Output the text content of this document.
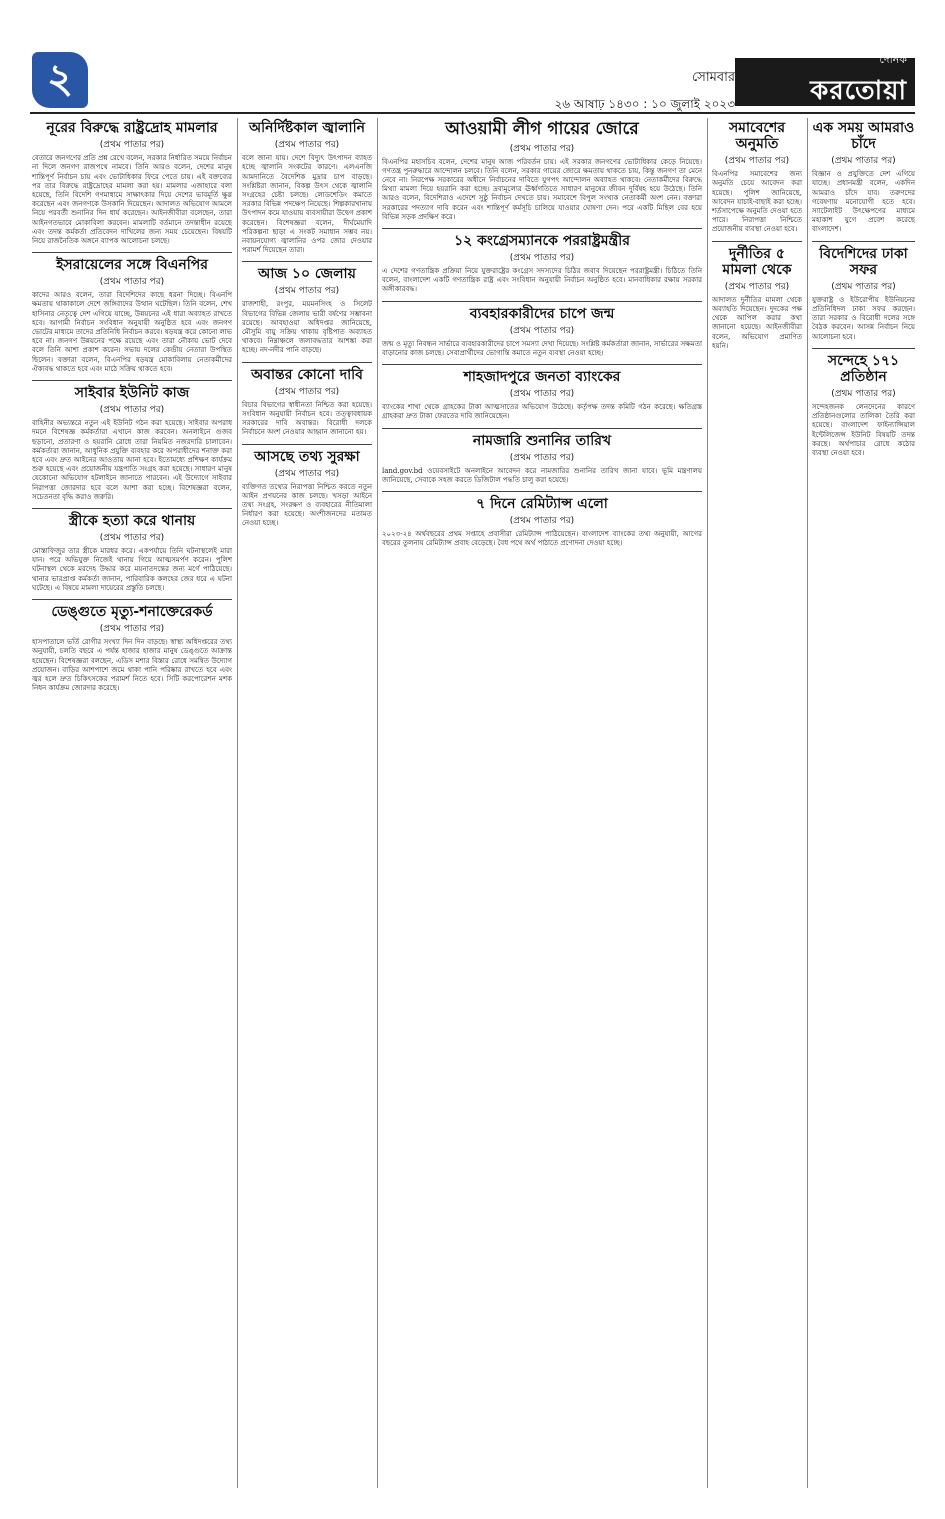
২	সোমবার
২৬ আষাঢ় ১৪৩০ : ১০ জুলাই ২০২৩
দৈনিক
করতোয়া
নূরের বিরুদ্ধে রাষ্ট্রদ্রোহ মামলার
(প্রথম পাতার পর)
বেতারে জনগণের প্রতি প্রশ্ন রেখে বলেন, সরকার নির্ধারিত সময়ে নির্বাচন না দিলে জনগণ রাজপথে নামবে। তিনি আরও বলেন, দেশের মানুষ শান্তিপূর্ণ নির্বাচন চায় এবং ভোটাধিকার ফিরে পেতে চায়। এই বক্তব্যের পর তার বিরুদ্ধে রাষ্ট্রদ্রোহের মামলা করা হয়। মামলার এজাহারে বলা হয়েছে, তিনি বিদেশি গণমাধ্যমে সাক্ষাৎকার দিয়ে দেশের ভাবমূর্তি ক্ষুণ্ণ করেছেন এবং জনগণকে উসকানি দিয়েছেন। আদালত অভিযোগ আমলে নিয়ে পরবর্তী শুনানির দিন ধার্য করেছেন। আইনজীবীরা বলেছেন, তারা আইনগতভাবে মোকাবিলা করবেন। মামলাটি বর্তমানে তদন্তাধীন রয়েছে এবং তদন্ত কর্মকর্তা প্রতিবেদন দাখিলের জন্য সময় চেয়েছেন। বিষয়টি নিয়ে রাজনৈতিক অঙ্গনে ব্যাপক আলোচনা চলছে।
ইসরায়েলের সঙ্গে বিএনপির
(প্রথম পাতার পর)
কাদের আরও বলেন, তারা বিদেশিদের কাছে ধরনা দিচ্ছে। বিএনপি ক্ষমতায় থাকাকালে দেশে জঙ্গিবাদের উত্থান ঘটেছিল। তিনি বলেন, শেখ হাসিনার নেতৃত্বে দেশ এগিয়ে যাচ্ছে, উন্নয়নের এই ধারা অব্যাহত রাখতে হবে। আগামী নির্বাচন সংবিধান অনুযায়ী অনুষ্ঠিত হবে এবং জনগণ ভোটের মাধ্যমে তাদের প্রতিনিধি নির্বাচন করবে। ষড়যন্ত্র করে কোনো লাভ হবে না। জনগণ উন্নয়নের পক্ষে রয়েছে এবং তারা নৌকায় ভোট দেবে বলে তিনি আশা প্রকাশ করেন। সভায় দলের কেন্দ্রীয় নেতারা উপস্থিত ছিলেন। বক্তারা বলেন, বিএনপির ষড়যন্ত্র মোকাবিলায় নেতাকর্মীদের ঐক্যবদ্ধ থাকতে হবে এবং মাঠে সক্রিয় থাকতে হবে।
সাইবার ইউনিট কাজ
(প্রথম পাতার পর)
বাহিনীর অভ্যন্তরে নতুন এই ইউনিট গঠন করা হয়েছে। সাইবার অপরাধ দমনে বিশেষজ্ঞ কর্মকর্তারা এখানে কাজ করবেন। অনলাইনে গুজব ছড়ানো, প্রতারণা ও হয়রানি রোধে তারা নিয়মিত নজরদারি চালাবেন। কর্মকর্তারা জানান, আধুনিক প্রযুক্তি ব্যবহার করে অপরাধীদের শনাক্ত করা হবে এবং দ্রুত আইনের আওতায় আনা হবে। ইতোমধ্যে প্রশিক্ষণ কার্যক্রম শুরু হয়েছে এবং প্রয়োজনীয় যন্ত্রপাতি সংগ্রহ করা হয়েছে। সাধারণ মানুষ যেকোনো অভিযোগ হটলাইনে জানাতে পারবেন। এই উদ্যোগে সাইবার নিরাপত্তা জোরদার হবে বলে আশা করা হচ্ছে। বিশেষজ্ঞরা বলেন, সচেতনতা বৃদ্ধি করাও জরুরি।
স্ত্রীকে হত্যা করে থানায়
(প্রথম পাতার পর)
মোস্তাফিজুর তার স্ত্রীকে মারধর করে। একপর্যায়ে তিনি ঘটনাস্থলেই মারা যান। পরে অভিযুক্ত নিজেই থানায় গিয়ে আত্মসমর্পণ করেন। পুলিশ ঘটনাস্থল থেকে মরদেহ উদ্ধার করে ময়নাতদন্তের জন্য মর্গে পাঠিয়েছে। থানার ভারপ্রাপ্ত কর্মকর্তা জানান, পারিবারিক কলহের জের ধরে এ ঘটনা ঘটেছে। এ বিষয়ে মামলা দায়েরের প্রস্তুতি চলছে।
ডেঙ্গুতে মৃত্যু-শনাক্তেরেকর্ড
(প্রথম পাতার পর)
হাসপাতালে ভর্তি রোগীর সংখ্যা দিন দিন বাড়ছে। স্বাস্থ্য অধিদপ্তরের তথ্য অনুযায়ী, চলতি বছরে এ পর্যন্ত হাজার হাজার মানুষ ডেঙ্গুতে আক্রান্ত হয়েছেন। বিশেষজ্ঞরা বলছেন, এডিস মশার বিস্তার রোধে সমন্বিত উদ্যোগ প্রয়োজন। বাড়ির আশপাশে জমে থাকা পানি পরিষ্কার রাখতে হবে এবং জ্বর হলে দ্রুত চিকিৎসকের পরামর্শ নিতে হবে। সিটি করপোরেশন মশক নিধন কার্যক্রম জোরদার করেছে।
অনির্দিষ্টকাল জ্বালানি
(প্রথম পাতার পর)
বলে জানা যায়। দেশে বিদ্যুৎ উৎপাদন ব্যাহত হচ্ছে জ্বালানি সংকটের কারণে। এলএনজি আমদানিতে বৈদেশিক মুদ্রার চাপ বাড়ছে। সংশ্লিষ্টরা জানান, বিকল্প উৎস থেকে জ্বালানি সংগ্রহের চেষ্টা চলছে। লোডশেডিং কমাতে সরকার বিভিন্ন পদক্ষেপ নিয়েছে। শিল্পকারখানায় উৎপাদন কমে যাওয়ায় ব্যবসায়ীরা উদ্বেগ প্রকাশ করেছেন। বিশেষজ্ঞরা বলেন, দীর্ঘমেয়াদি পরিকল্পনা ছাড়া এ সংকট সমাধান সম্ভব নয়। নবায়নযোগ্য জ্বালানির ওপর জোর দেওয়ার পরামর্শ দিয়েছেন তারা।
আজ ১০ জেলায়
(প্রথম পাতার পর)
রাজশাহী, রংপুর, ময়মনসিংহ ও সিলেট বিভাগের বিভিন্ন জেলায় ভারী বর্ষণের সম্ভাবনা রয়েছে। আবহাওয়া অধিদপ্তর জানিয়েছে, মৌসুমি বায়ু সক্রিয় থাকায় বৃষ্টিপাত অব্যাহত থাকবে। নিম্নাঞ্চলে জলাবদ্ধতার আশঙ্কা করা হচ্ছে। নদ-নদীর পানি বাড়ছে।
অবান্তর কোনো দাবি
(প্রথম পাতার পর)
বিচার বিভাগের স্বাধীনতা নিশ্চিত করা হয়েছে। সংবিধান অনুযায়ী নির্বাচন হবে। তত্ত্বাবধায়ক সরকারের দাবি অবান্তর। বিরোধী দলকে নির্বাচনে অংশ নেওয়ার আহ্বান জানানো হয়।
আসছে তথ্য সুরক্ষা
(প্রথম পাতার পর)
ব্যক্তিগত তথ্যের নিরাপত্তা নিশ্চিত করতে নতুন আইন প্রণয়নের কাজ চলছে। খসড়া আইনে তথ্য সংগ্রহ, সংরক্ষণ ও ব্যবহারের নীতিমালা নির্ধারণ করা হয়েছে। অংশীজনদের মতামত নেওয়া হচ্ছে।
আওয়ামী লীগ গায়ের জোরে
(প্রথম পাতার পর)
বিএনপির মহাসচিব বলেন, দেশের মানুষ আজ পরিবর্তন চায়। এই সরকার জনগণের ভোটাধিকার কেড়ে নিয়েছে। গণতন্ত্র পুনরুদ্ধারে আন্দোলন চলবে। তিনি বলেন, সরকার গায়ের জোরে ক্ষমতায় থাকতে চায়, কিন্তু জনগণ তা মেনে নেবে না। নিরপেক্ষ সরকারের অধীনে নির্বাচনের দাবিতে যুগপৎ আন্দোলন অব্যাহত থাকবে। নেতাকর্মীদের বিরুদ্ধে মিথ্যা মামলা দিয়ে হয়রানি করা হচ্ছে। দ্রব্যমূল্যের ঊর্ধ্বগতিতে সাধারণ মানুষের জীবন দুর্বিষহ হয়ে উঠেছে। তিনি আরও বলেন, বিদেশিরাও এদেশে সুষ্ঠু নির্বাচন দেখতে চায়। সমাবেশে বিপুল সংখ্যক নেতাকর্মী অংশ নেন। বক্তারা সরকারের পদত্যাগ দাবি করেন এবং শান্তিপূর্ণ কর্মসূচি চালিয়ে যাওয়ার ঘোষণা দেন। পরে একটি মিছিল বের হয়ে বিভিন্ন সড়ক প্রদক্ষিণ করে।
১২ কংগ্রেসম্যানকে পররাষ্ট্রমন্ত্রীর
(প্রথম পাতার পর)
এ দেশের গণতান্ত্রিক প্রক্রিয়া নিয়ে যুক্তরাষ্ট্রের কংগ্রেস সদস্যদের চিঠির জবাব দিয়েছেন পররাষ্ট্রমন্ত্রী। চিঠিতে তিনি বলেন, বাংলাদেশ একটি গণতান্ত্রিক রাষ্ট্র এবং সংবিধান অনুযায়ী নির্বাচন অনুষ্ঠিত হবে। মানবাধিকার রক্ষায় সরকার অঙ্গীকারবদ্ধ।
ব্যবহারকারীদের চাপে জন্ম
(প্রথম পাতার পর)
জন্ম ও মৃত্যু নিবন্ধন সার্ভারে ব্যবহারকারীদের চাপে সমস্যা দেখা দিয়েছে। সংশ্লিষ্ট কর্মকর্তারা জানান, সার্ভারের সক্ষমতা বাড়ানোর কাজ চলছে। সেবাপ্রার্থীদের ভোগান্তি কমাতে নতুন ব্যবস্থা নেওয়া হচ্ছে।
শাহজাদপুরে জনতা ব্যাংকের
(প্রথম পাতার পর)
ব্যাংকের শাখা থেকে গ্রাহকের টাকা আত্মসাতের অভিযোগ উঠেছে। কর্তৃপক্ষ তদন্ত কমিটি গঠন করেছে। ক্ষতিগ্রস্ত গ্রাহকরা দ্রুত টাকা ফেরতের দাবি জানিয়েছেন।
নামজারি শুনানির তারিখ
(প্রথম পাতার পর)
land.gov.bd ওয়েবসাইটে অনলাইনে আবেদন করে নামজারির শুনানির তারিখ জানা যাবে। ভূমি মন্ত্রণালয় জানিয়েছে, সেবাকে সহজ করতে ডিজিটাল পদ্ধতি চালু করা হয়েছে।
৭ দিনে রেমিট্যান্স এলো
(প্রথম পাতার পর)
২০২৩-২৪ অর্থবছরের প্রথম সপ্তাহে প্রবাসীরা রেমিট্যান্স পাঠিয়েছেন। বাংলাদেশ ব্যাংকের তথ্য অনুযায়ী, আগের বছরের তুলনায় রেমিট্যান্স প্রবাহ বেড়েছে। বৈধ পথে অর্থ পাঠাতে প্রণোদনা দেওয়া হচ্ছে।
সমাবেশের অনুমতি
(প্রথম পাতার পর)
বিএনপির সমাবেশের জন্য অনুমতি চেয়ে আবেদন করা হয়েছে। পুলিশ জানিয়েছে, আবেদন যাচাই-বাছাই করা হচ্ছে। শর্তসাপেক্ষে অনুমতি দেওয়া হতে পারে। নিরাপত্তা নিশ্চিতে প্রয়োজনীয় ব্যবস্থা নেওয়া হবে।
দুর্নীতির ৫ মামলা থেকে
(প্রথম পাতার পর)
আদালত দুর্নীতির মামলা থেকে অব্যাহতি দিয়েছেন। দুদকের পক্ষ থেকে আপিল করার কথা জানানো হয়েছে। আইনজীবীরা বলেন, অভিযোগ প্রমাণিত হয়নি।
এক সময় আমরাও চাঁদে
(প্রথম পাতার পর)
বিজ্ঞান ও প্রযুক্তিতে দেশ এগিয়ে যাচ্ছে। প্রধানমন্ত্রী বলেন, একদিন আমরাও চাঁদে যাব। তরুণদের গবেষণায় মনোযোগী হতে হবে। স্যাটেলাইট উৎক্ষেপণের মাধ্যমে মহাকাশ যুগে প্রবেশ করেছে বাংলাদেশ।
বিদেশিদের ঢাকা সফর
(প্রথম পাতার পর)
যুক্তরাষ্ট্র ও ইউরোপীয় ইউনিয়নের প্রতিনিধিদল ঢাকা সফর করছেন। তারা সরকার ও বিরোধী দলের সঙ্গে বৈঠক করবেন। আসন্ন নির্বাচন নিয়ে আলোচনা হবে।
সন্দেহে ১৭১ প্রতিষ্ঠান
(প্রথম পাতার পর)
সন্দেহজনক লেনদেনের কারণে প্রতিষ্ঠানগুলোর তালিকা তৈরি করা হয়েছে। বাংলাদেশ ফাইন্যান্সিয়াল ইন্টেলিজেন্স ইউনিট বিষয়টি তদন্ত করছে। অর্থপাচার রোধে কঠোর ব্যবস্থা নেওয়া হবে।
